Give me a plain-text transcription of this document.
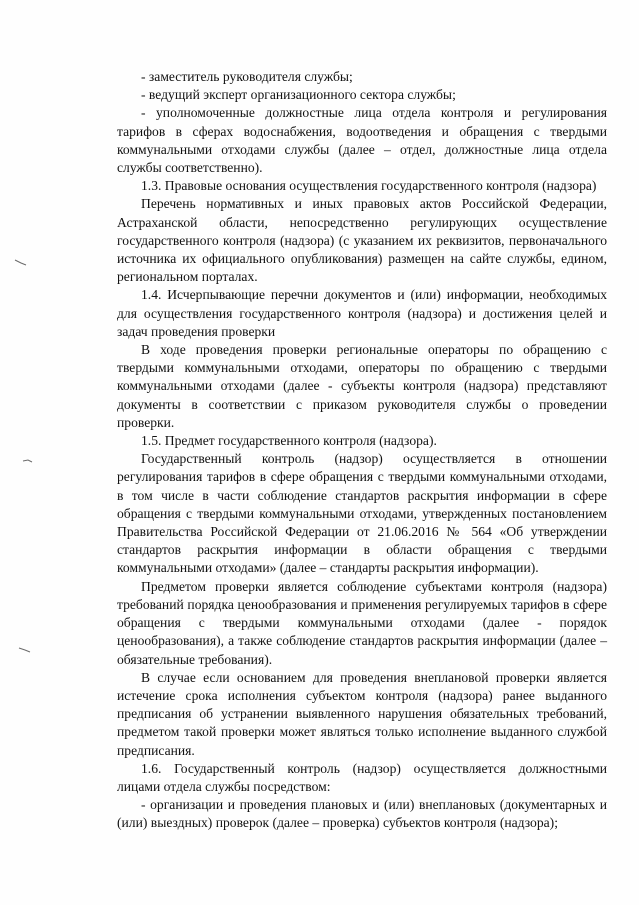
- заместитель руководителя службы;

- ведущий эксперт организационного сектора службы;

- уполномоченные должностные лица отдела контроля и регулирования тарифов в сферах водоснабжения, водоотведения и обращения с твердыми коммунальными отходами службы (далее – отдел, должностные лица отдела службы соответственно).

1.3. Правовые основания осуществления государственного контроля (надзора)

Перечень нормативных и иных правовых актов Российской Федерации, Астраханской области, непосредственно регулирующих осуществление государственного контроля (надзора) (с указанием их реквизитов, первоначального источника их официального опубликования) размещен на сайте службы, едином, региональном порталах.

1.4. Исчерпывающие перечни документов и (или) информации, необходимых для осуществления государственного контроля (надзора) и достижения целей и задач проведения проверки

В ходе проведения проверки региональные операторы по обращению с твердыми коммунальными отходами, операторы по обращению с твердыми коммунальными отходами (далее - субъекты контроля (надзора) представляют документы в соответствии с приказом руководителя службы о проведении проверки.

1.5. Предмет государственного контроля (надзора).

Государственный контроль (надзор) осуществляется в отношении регулирования тарифов в сфере обращения с твердыми коммунальными отходами, в том числе в части соблюдение стандартов раскрытия информации в сфере обращения с твердыми коммунальными отходами, утвержденных постановлением Правительства Российской Федерации от 21.06.2016 № 564 «Об утверждении стандартов раскрытия информации в области обращения с твердыми коммунальными отходами» (далее – стандарты раскрытия информации).

Предметом проверки является соблюдение субъектами контроля (надзора) требований порядка ценообразования и применения регулируемых тарифов в сфере обращения с твердыми коммунальными отходами (далее - порядок ценообразования), а также соблюдение стандартов раскрытия информации (далее – обязательные требования).

В случае если основанием для проведения внеплановой проверки является истечение срока исполнения субъектом контроля (надзора) ранее выданного предписания об устранении выявленного нарушения обязательных требований, предметом такой проверки может являться только исполнение выданного службой предписания.

1.6. Государственный контроль (надзор) осуществляется должностными лицами отдела службы посредством:

- организации и проведения плановых и (или) внеплановых (документарных и (или) выездных) проверок (далее – проверка) субъектов контроля (надзора);
